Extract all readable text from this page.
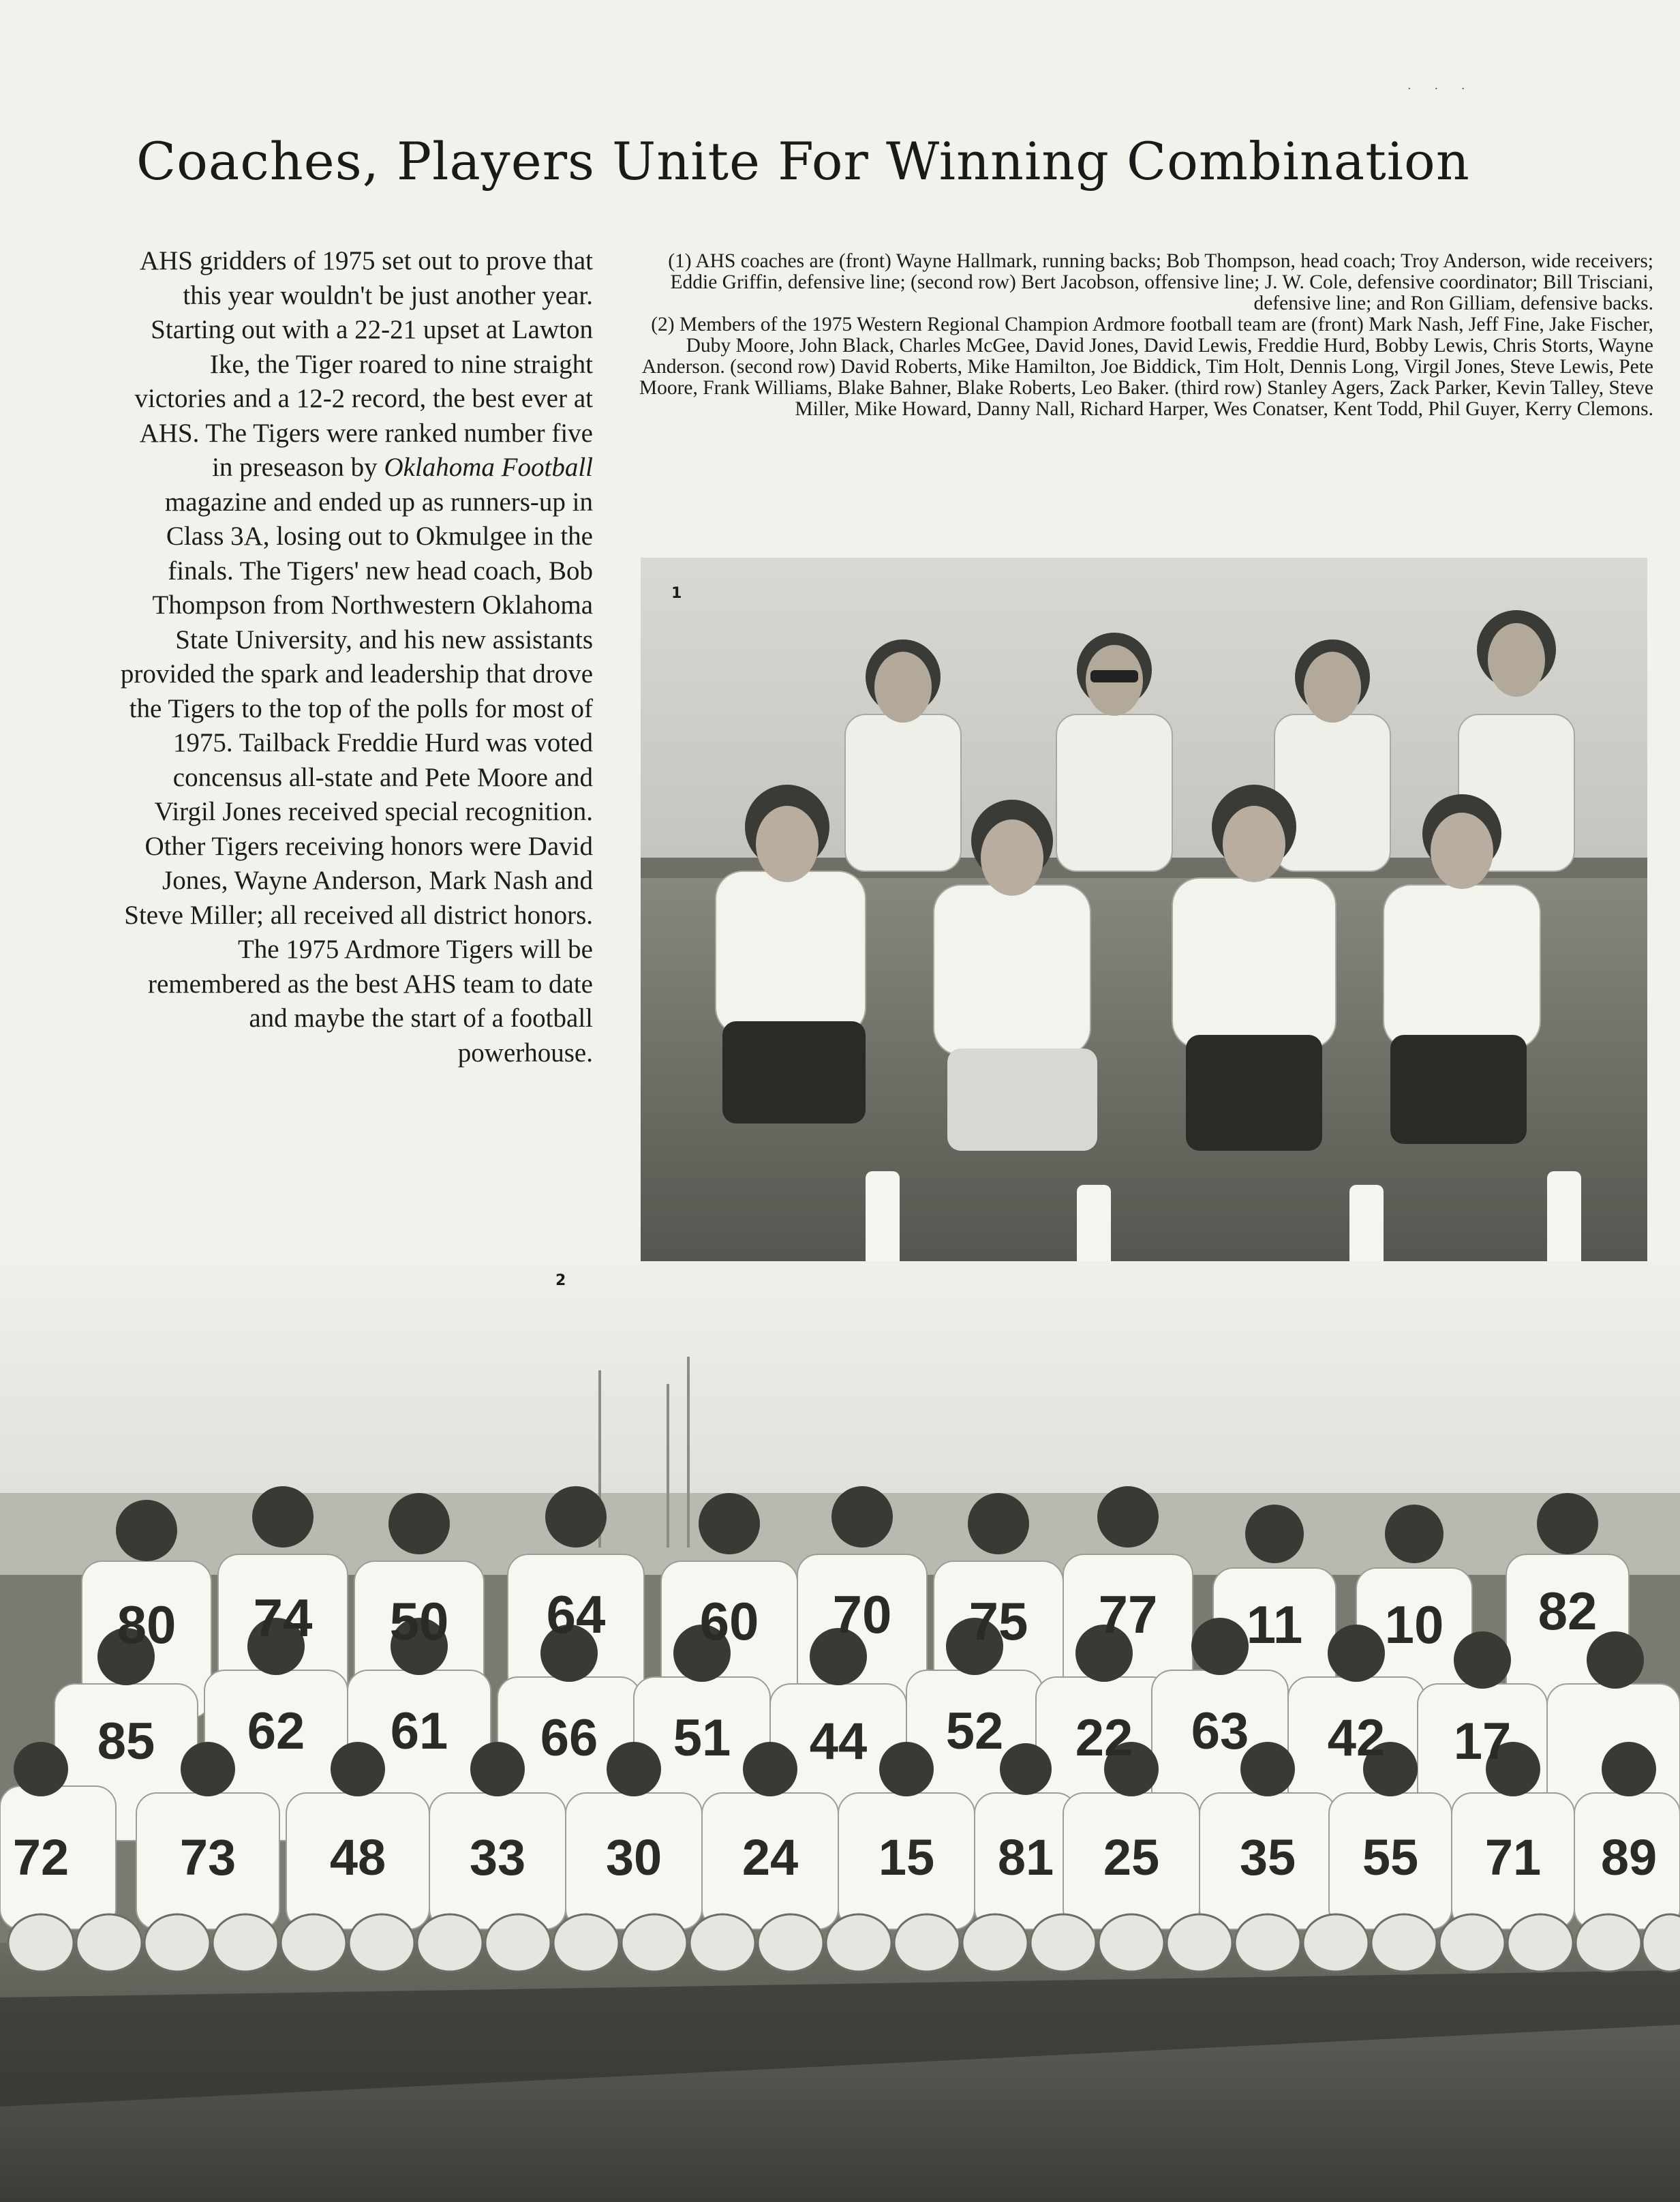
Coaches, Players Unite For Winning Combination
· · ·

AHS gridders of 1975 set out to prove that this year wouldn't be just another year. Starting out with a 22-21 upset at Lawton Ike, the Tiger roared to nine straight victories and a 12-2 record, the best ever at AHS. The Tigers were ranked number five in preseason by Oklahoma Football magazine and ended up as runners-up in Class 3A, losing out to Okmulgee in the finals. The Tigers' new head coach, Bob Thompson from Northwestern Oklahoma State University, and his new assistants provided the spark and leadership that drove the Tigers to the top of the polls for most of 1975. Tailback Freddie Hurd was voted concensus all-state and Pete Moore and Virgil Jones received special recognition. Other Tigers receiving honors were David Jones, Wayne Anderson, Mark Nash and Steve Miller; all received all district honors. The 1975 Ardmore Tigers will be remembered as the best AHS team to date and maybe the start of a football powerhouse.

(1) AHS coaches are (front) Wayne Hallmark, running backs; Bob Thompson, head coach; Troy Anderson, wide receivers; Eddie Griffin, defensive line; (second row) Bert Jacobson, offensive line; J. W. Cole, defensive coordinator; Bill Trisciani, defensive line; and Ron Gilliam, defensive backs.

(2) Members of the 1975 Western Regional Champion Ardmore football team are (front) Mark Nash, Jeff Fine, Jake Fischer, Duby Moore, John Black, Charles McGee, David Jones, David Lewis, Freddie Hurd, Bobby Lewis, Chris Storts, Wayne Anderson. (second row) David Roberts, Mike Hamilton, Joe Biddick, Tim Holt, Dennis Long, Virgil Jones, Steve Lewis, Pete Moore, Frank Williams, Blake Bahner, Blake Roberts, Leo Baker. (third row) Stanley Agers, Zack Parker, Kevin Talley, Steve Miller, Mike Howard, Danny Nall, Richard Harper, Wes Conatser, Kent Todd, Phil Guyer, Kerry Clemons.

80 74 50 64 60 70 75 77 11 10 82
85 62 61 66 51 44 52 22 63 42 17
72 73 48 33 30 24 15 81 25 35 55 71 89
1
2
